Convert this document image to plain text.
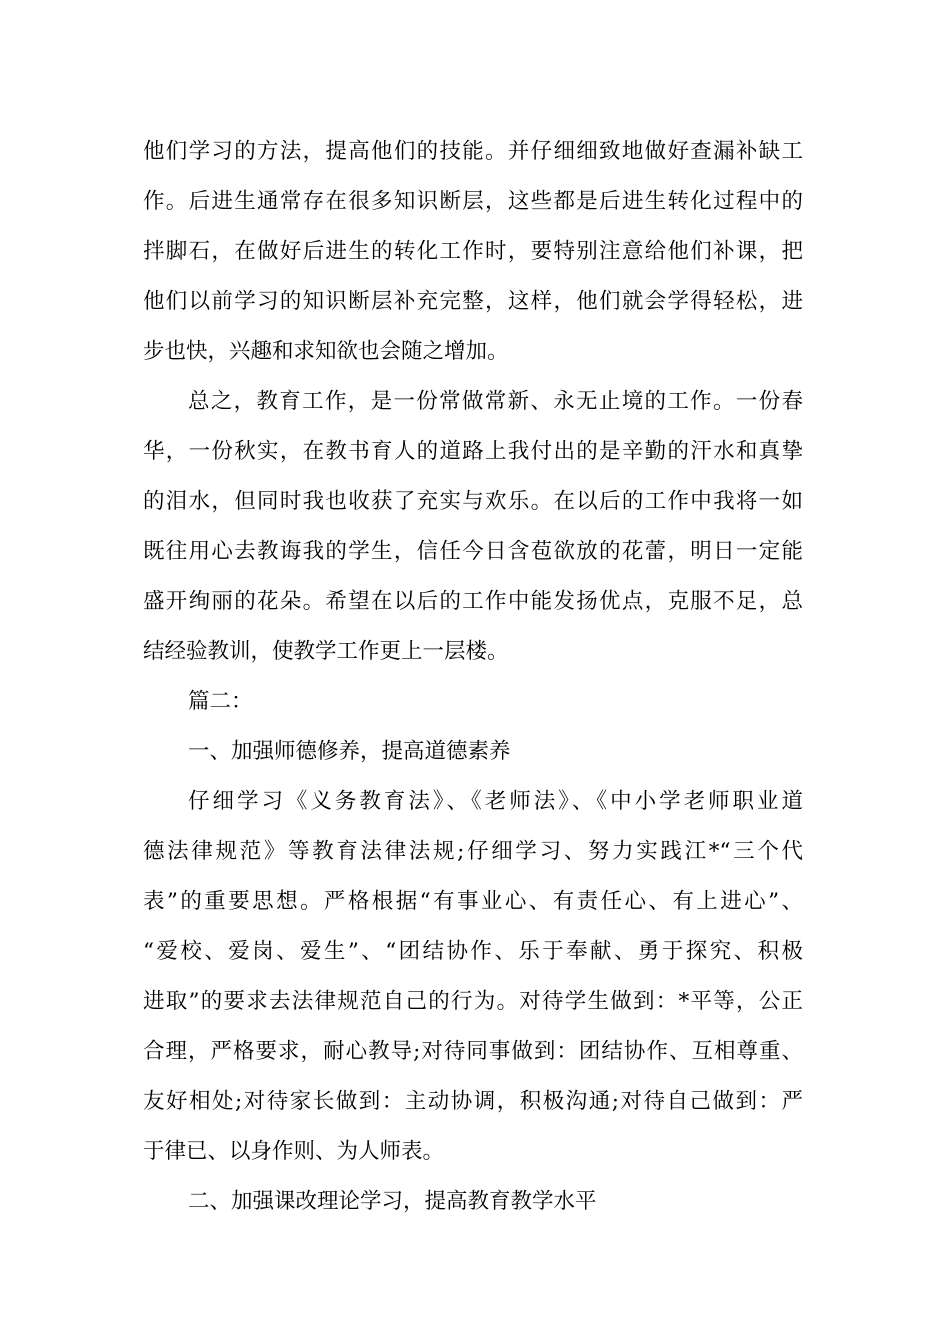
他们学习的方法，提高他们的技能。并仔细细致地做好查漏补缺工
作。后进生通常存在很多知识断层，这些都是后进生转化过程中的
拌脚石，在做好后进生的转化工作时，要特别注意给他们补课，把
他们以前学习的知识断层补充完整，这样，他们就会学得轻松，进
步也快，兴趣和求知欲也会随之增加。
总之，教育工作，是一份常做常新、永无止境的工作。一份春
华，一份秋实，在教书育人的道路上我付出的是辛勤的汗水和真挚
的泪水，但同时我也收获了充实与欢乐。在以后的工作中我将一如
既往用心去教诲我的学生，信任今日含苞欲放的花蕾，明日一定能
盛开绚丽的花朵。希望在以后的工作中能发扬优点，克服不足，总
结经验教训，使教学工作更上一层楼。
篇二：
一、加强师德修养，提高道德素养
仔细学习《义务教育法》、《老师法》、《中小学老师职业道
德法律规范》等教育法律法规;仔细学习、努力实践江*“三个代
表”的重要思想。严格根据“有事业心、有责任心、有上进心”、
“爱校、爱岗、爱生”、“团结协作、乐于奉献、勇于探究、积极
进取”的要求去法律规范自己的行为。对待学生做到：*平等，公正
合理，严格要求，耐心教导;对待同事做到：团结协作、互相尊重、
友好相处;对待家长做到：主动协调，积极沟通;对待自己做到：严
于律已、以身作则、为人师表。
二、加强课改理论学习，提高教育教学水平
